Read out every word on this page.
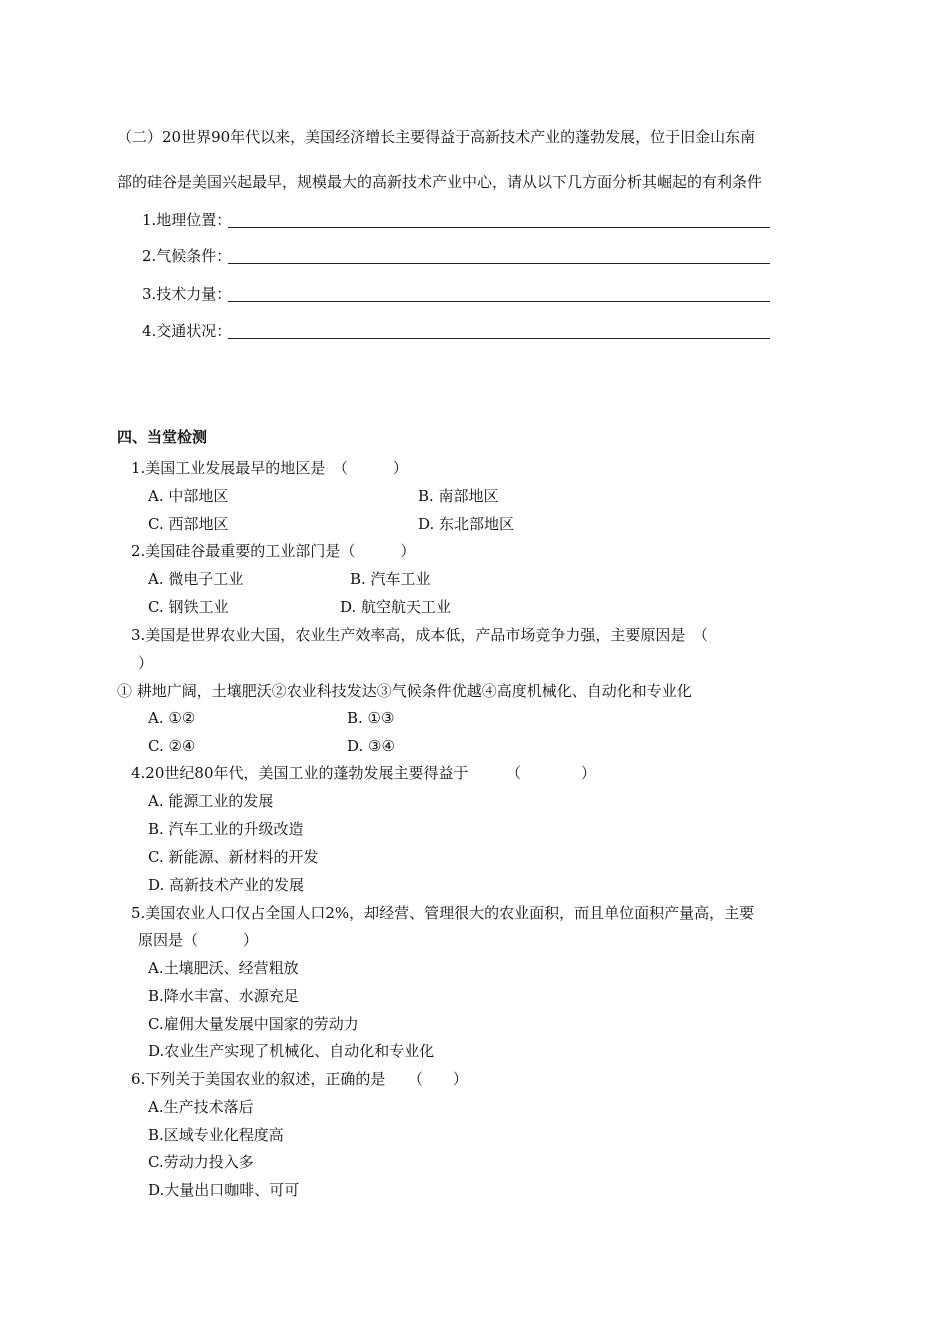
（二）20世界90年代以来，美国经济增长主要得益于高新技术产业的蓬勃发展，位于旧金山东南
部的硅谷是美国兴起最早，规模最大的高新技术产业中心，请从以下几方面分析其崛起的有利条件
1.地理位置：
2.气候条件：
3.技术力量：
4.交通状况：
四、当堂检测
1.美国工业发展最早的地区是　（　　　）
A. 中部地区	B. 南部地区
C. 西部地区	D. 东北部地区
2.美国硅谷最重要的工业部门是（　　　）
A. 微电子工业	B. 汽车工业
C. 钢铁工业	D. 航空航天工业
3.美国是世界农业大国，农业生产效率高，成本低，产品市场竞争力强，主要原因是　（
）
① 耕地广阔，土壤肥沃②农业科技发达③气候条件优越④高度机械化、自动化和专业化
A. ①②	B. ①③
C. ②④	D. ③④
4.20世纪80年代，美国工业的蓬勃发展主要得益于　　　（　　　　）
A. 能源工业的发展
B. 汽车工业的升级改造
C. 新能源、新材料的开发
D. 高新技术产业的发展
5.美国农业人口仅占全国人口2%，却经营、管理很大的农业面积，而且单位面积产量高，主要
原因是（　　　）
A.土壤肥沃、经营粗放
B.降水丰富、水源充足
C.雇佣大量发展中国家的劳动力
D.农业生产实现了机械化、自动化和专业化
6.下列关于美国农业的叙述，正确的是　　（　　）
A.生产技术落后
B.区域专业化程度高
C.劳动力投入多
D.大量出口咖啡、可可
